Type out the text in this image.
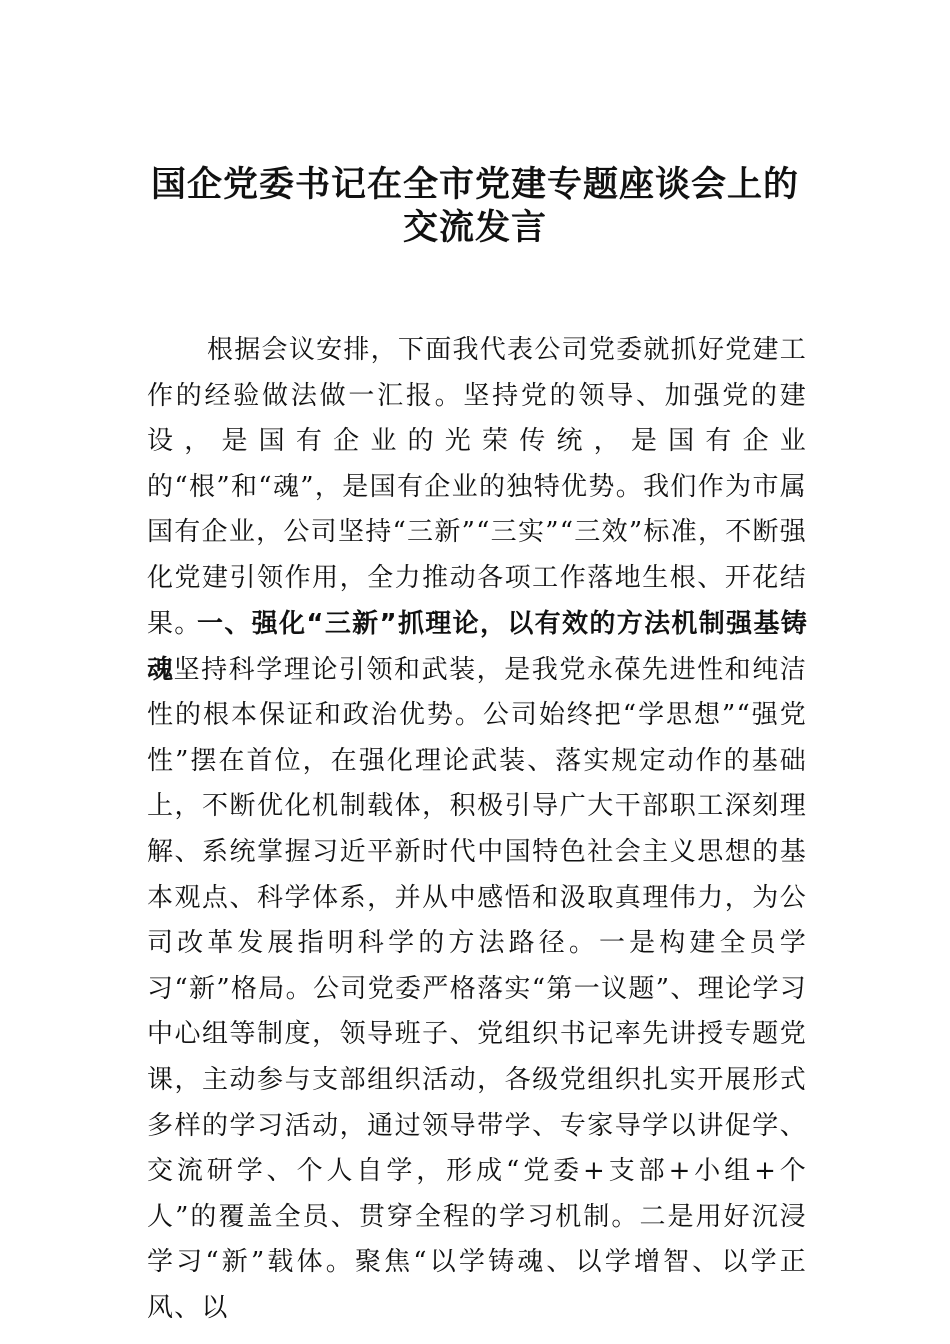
国企党委书记在全市党建专题座谈会上的
交流发言

根据会议安排，下面我代表公司党委就抓好党建工作的经验做法做一汇报。坚持党的领导、加强党的建设，是国有企业的光荣传统，是国有企业的“根”和“魂”，是国有企业的独特优势。我们作为市属国有企业，公司坚持“三新”“三实”“三效”标准，不断强化党建引领作用，全力推动各项工作落地生根、开花结果。

一、强化“三新”抓理论，以有效的方法机制强基铸魂坚持科学理论引领和武装，是我党永葆先进性和纯洁性的根本保证和政治优势。公司始终把“学思想”“强党性”摆在首位，在强化理论武装、落实规定动作的基础上，不断优化机制载体，积极引导广大干部职工深刻理解、系统掌握习近平新时代中国特色社会主义思想的基本观点、科学体系，并从中感悟和汲取真理伟力，为公司改革发展指明科学的方法路径。一是构建全员学习“新”格局。公司党委严格落实“第一议题”、理论学习中心组等制度，领导班子、党组织书记率先讲授专题党课，主动参与支部组织活动，各级党组织扎实开展形式多样的学习活动，通过领导带学、专家导学以讲促学、交流研学、个人自学，形成“党委+支部+小组+个人”的覆盖全员、贯穿全程的学习机制。二是用好沉浸学习“新”载体。聚焦“以学铸魂、以学增智、以学正风、以
